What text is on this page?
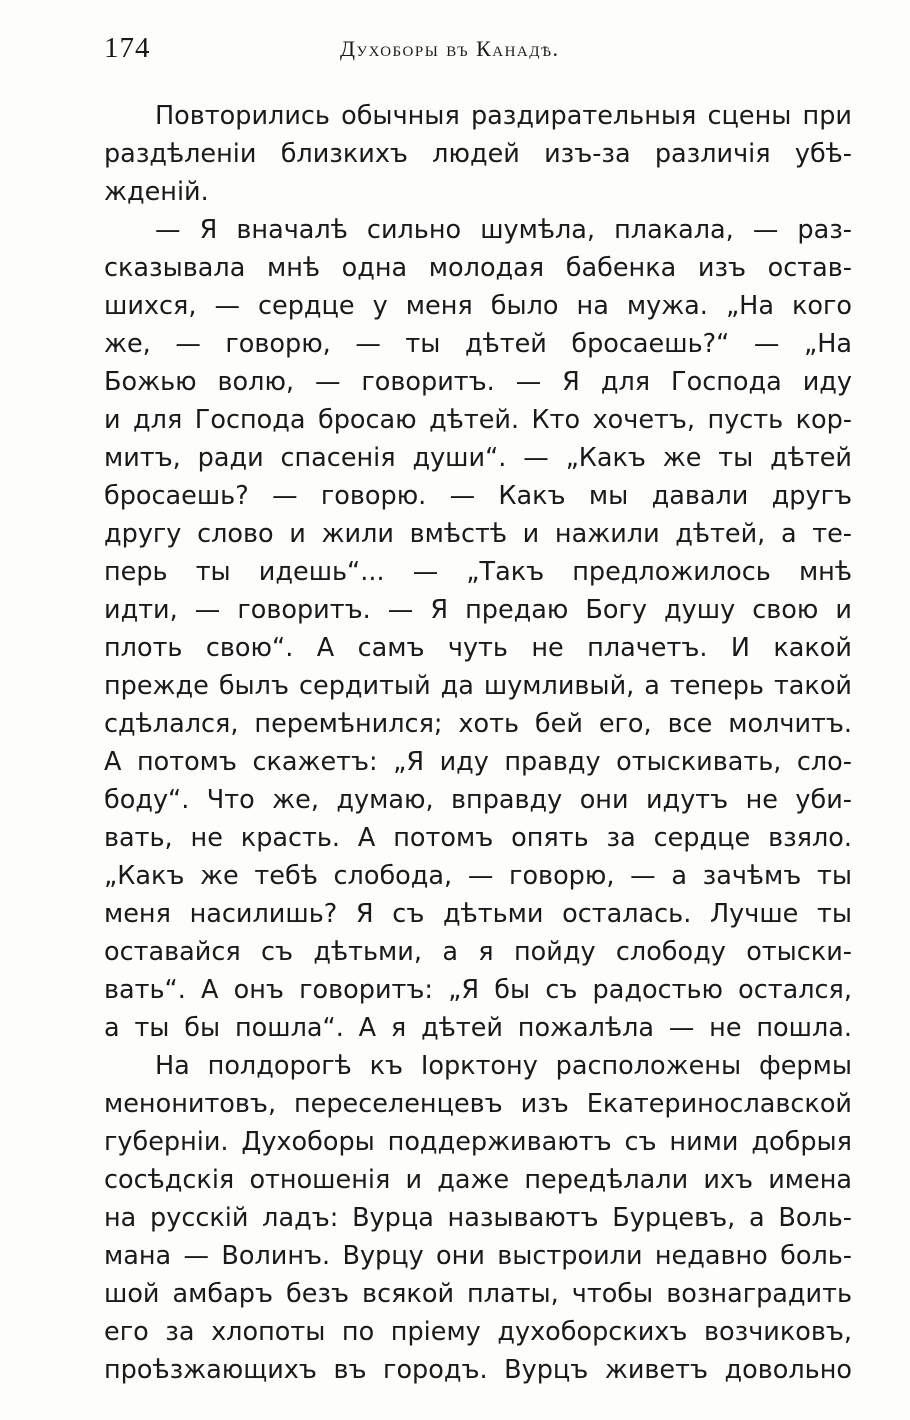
174	Духоборы въ Канадѣ.
Повторились обычныя раздирательныя сцены при
раздѣленіи близкихъ людей изъ-за различія убѣ-
жденій.
— Я вначалѣ сильно шумѣла, плакала, — раз-
сказывала мнѣ одна молодая бабенка изъ остав-
шихся, — сердце у меня было на мужа. „На кого
же, — говорю, — ты дѣтей бросаешь?“ — „На
Божью волю, — говоритъ. — Я для Господа иду
и для Господа бросаю дѣтей. Кто хочетъ, пусть кор-
митъ, ради спасенія души“. — „Какъ же ты дѣтей
бросаешь? — говорю. — Какъ мы давали другъ
другу слово и жили вмѣстѣ и нажили дѣтей, а те-
перь ты идешь“... — „Такъ предложилось мнѣ
идти, — говоритъ. — Я предаю Богу душу свою и
плоть свою“. А самъ чуть не плачетъ. И какой
прежде былъ сердитый да шумливый, а теперь такой
сдѣлался, перемѣнился; хоть бей его, все молчитъ.
А потомъ скажетъ: „Я иду правду отыскивать, сло-
боду“. Что же, думаю, вправду они идутъ не уби-
вать, не красть. А потомъ опять за сердце взяло.
„Какъ же тебѣ слобода, — говорю, — а зачѣмъ ты
меня насилишь? Я съ дѣтьми осталась. Лучше ты
оставайся съ дѣтьми, а я пойду слободу отыски-
вать“. А онъ говоритъ: „Я бы съ радостью остался,
а ты бы пошла“. А я дѣтей пожалѣла — не пошла.
На полдорогѣ къ Іорктону расположены фермы
менонитовъ, переселенцевъ изъ Екатеринославской
губерніи. Духоборы поддерживаютъ съ ними добрыя
сосѣдскія отношенія и даже передѣлали ихъ имена
на русскій ладъ: Вурца называютъ Бурцевъ, а Воль-
мана — Волинъ. Вурцу они выстроили недавно боль-
шой амбаръ безъ всякой платы, чтобы вознаградить
его за хлопоты по пріему духоборскихъ возчиковъ,
проѣзжающихъ въ городъ. Вурцъ живетъ довольно
